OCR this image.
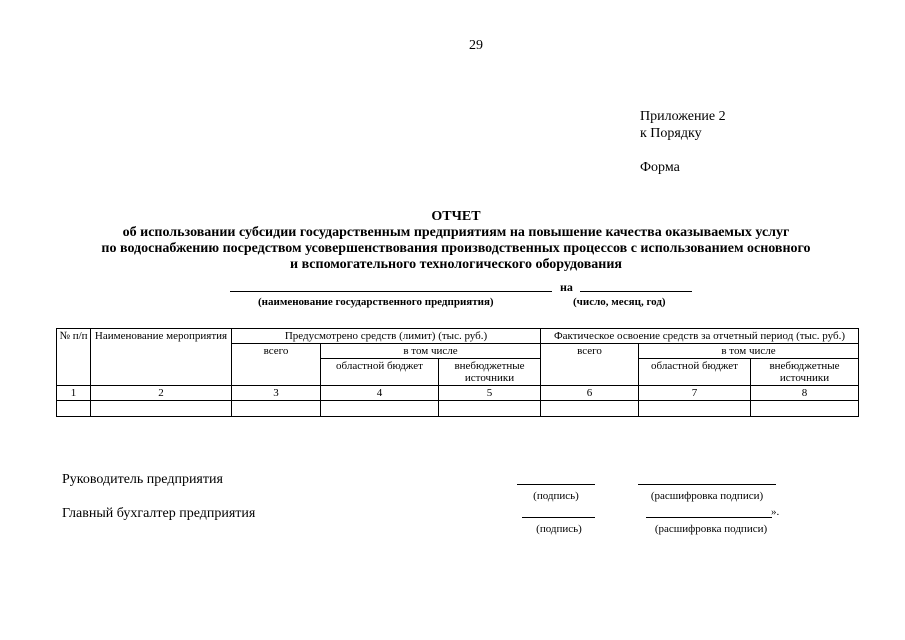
29
Приложение 2
к Порядку
Форма
ОТЧЕТ
об использовании субсидии государственным предприятиям на повышение качества оказываемых услуг
по водоснабжению посредством усовершенствования производственных процессов с использованием основного
и вспомогательного технологического оборудования
на
(наименование государственного предприятия)	(число, месяц, год)
№ п/п	Наименование мероприятия	Предусмотрено средств (лимит) (тыс. руб.)			Фактическое освоение средств за отчетный период (тыс. руб.)		
		всего	в том числе		всего	в том числе	
			областной бюджет	внебюджетные источники		областной бюджет	внебюджетные источники
1	2	3	4	5	6	7	8

Руководитель предприятия
(подпись)	(расшифровка подписи)
Главный бухгалтер предприятия	».
(подпись)	(расшифровка подписи)
